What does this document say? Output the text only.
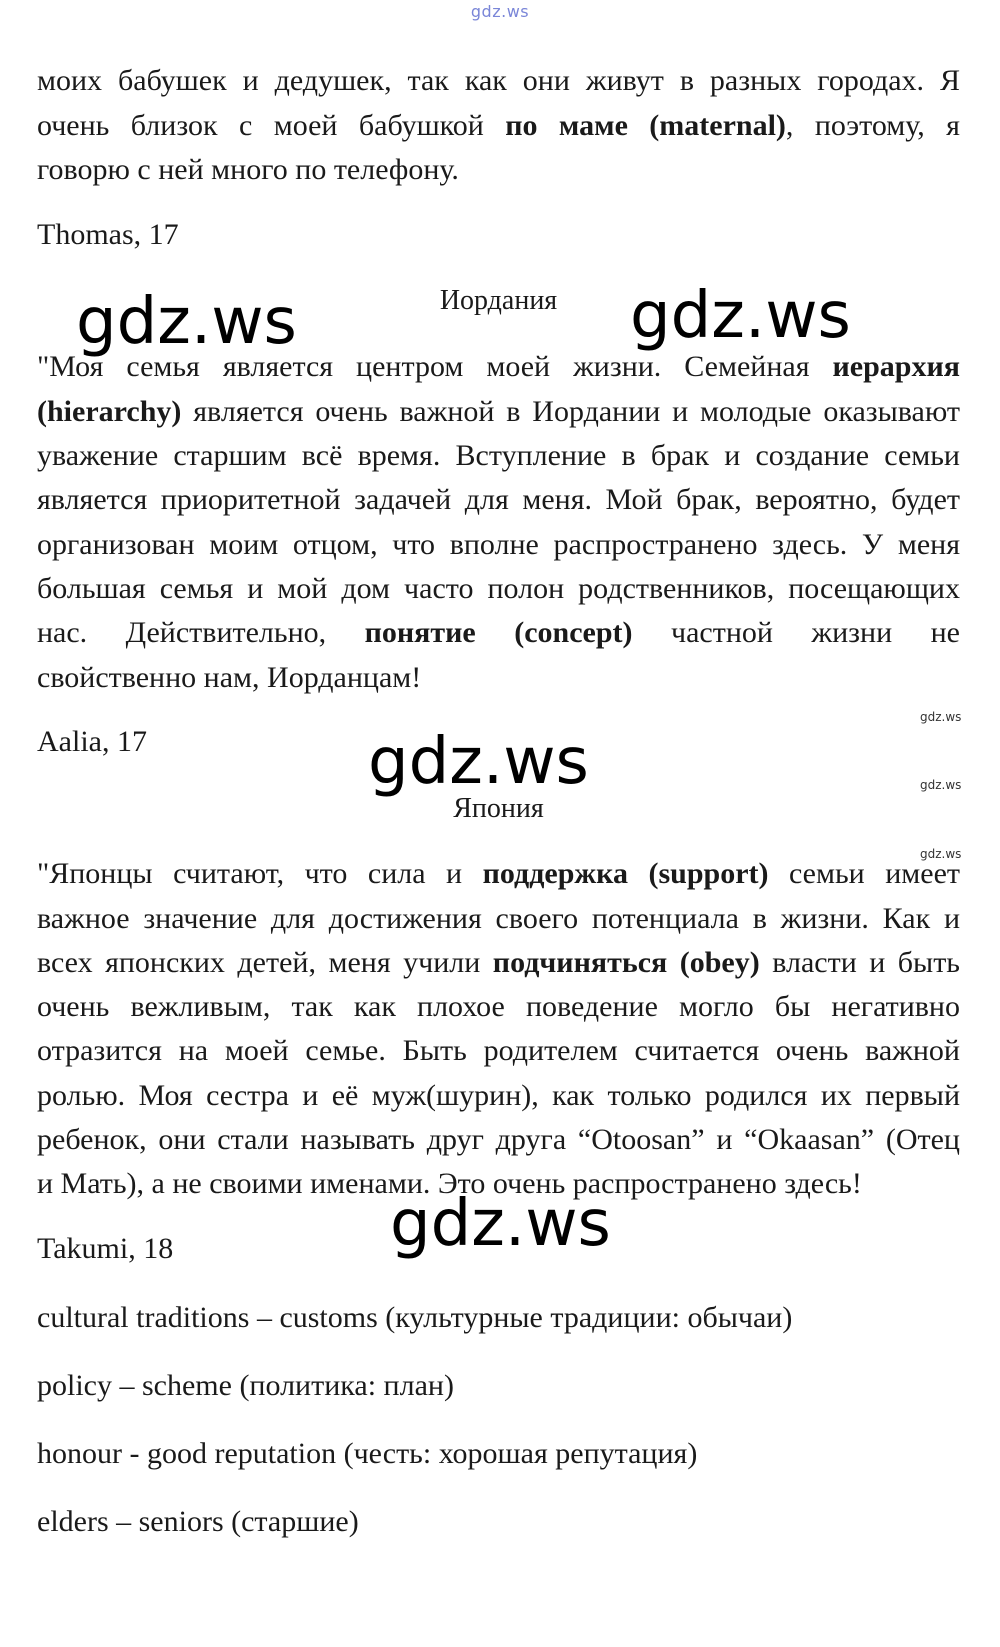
gdz.ws
моих бабушек и дедушек, так как они живут в разных городах. Я
очень близок с моей бабушкой по маме (maternal), поэтому, я
говорю с ней много по телефону.
Thomas, 17
Иордания
"Моя семья является центром моей жизни. Семейная иерархия
(hierarchy) является очень важной в Иордании и молодые оказывают
уважение старшим всё время. Вступление в брак и создание семьи
является приоритетной задачей для меня. Мой брак, вероятно, будет
организован моим отцом, что вполне распространено здесь. У меня
большая семья и мой дом часто полон родственников, посещающих
нас. Действительно, понятие (concept) частной жизни не
свойственно нам, Иорданцам!
Aalia, 17
Япония
"Японцы считают, что сила и поддержка (support) семьи имеет
важное значение для достижения своего потенциала в жизни. Как и
всех японских детей, меня учили подчиняться (obey) власти и быть
очень вежливым, так как плохое поведение могло бы негативно
отразится на моей семье. Быть родителем считается очень важной
ролью. Моя сестра и её муж(шурин), как только родился их первый
ребенок, они стали называть друг друга “Otoosan” и “Okaasan” (Отец
и Мать), а не своими именами. Это очень распространено здесь!
Takumi, 18
cultural traditions – customs (культурные традиции: обычаи)
policy – scheme (политика: план)
honour - good reputation (честь: хорошая репутация)
elders – seniors (старшие)
gdz.ws	gdz.ws
gdz.ws
gdz.ws
gdz.ws
gdz.ws
gdz.ws
